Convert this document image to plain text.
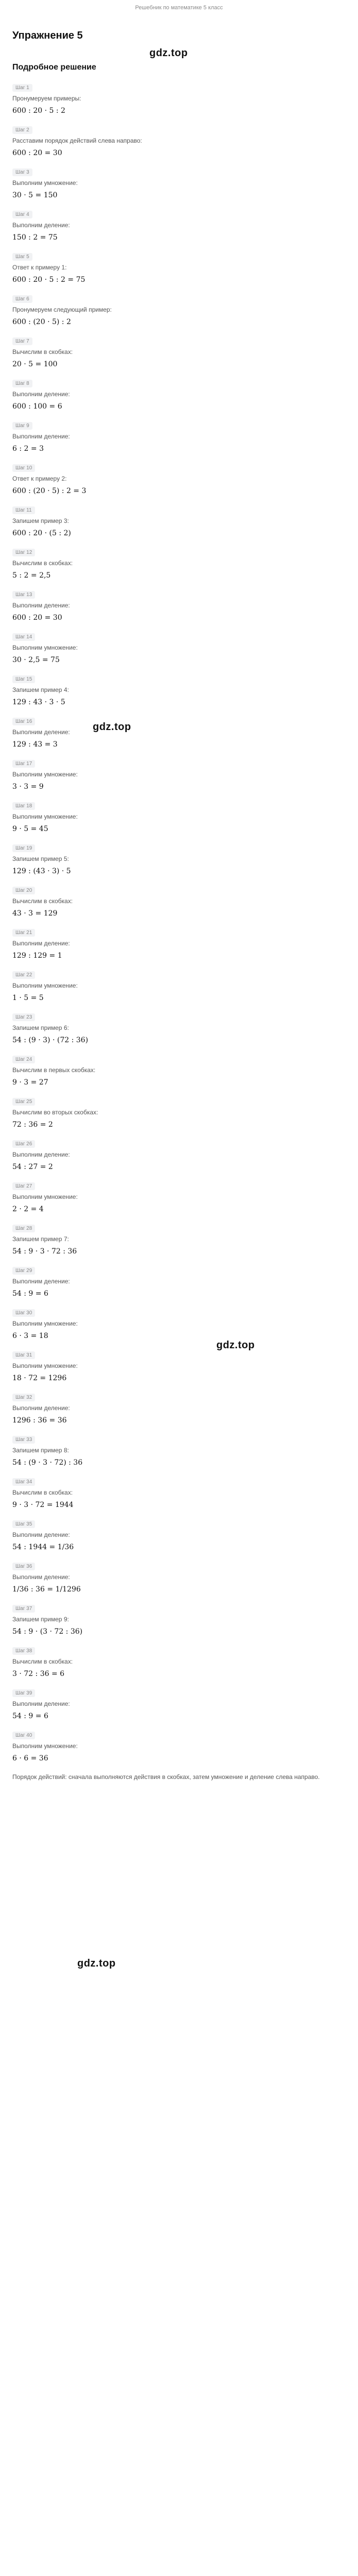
Решебник по математике 5 класс
Упражнение 5
Подробное решение
gdz.top
Шаг 1
Пронумеруем примеры:
600 : 20 · 5 : 2
Шаг 2
Расставим порядок действий слева направо:
600 : 20 = 30
Шаг 3
Выполним умножение:
30 · 5 = 150
Шаг 4
Выполним деление:
150 : 2 = 75
Шаг 5
Ответ к примеру 1:
600 : 20 · 5 : 2 = 75
Шаг 6
Пронумеруем следующий пример:
600 : (20 · 5) : 2
Шаг 7
Вычислим в скобках:
20 · 5 = 100
Шаг 8
Выполним деление:
600 : 100 = 6
Шаг 9
Выполним деление:
6 : 2 = 3
Шаг 10
Ответ к примеру 2:
600 : (20 · 5) : 2 = 3
Шаг 11
Запишем пример 3:
600 : 20 · (5 : 2)
Шаг 12
Вычислим в скобках:
5 : 2 = 2,5
Шаг 13
Выполним деление:
600 : 20 = 30
Шаг 14
Выполним умножение:
30 · 2,5 = 75
Шаг 15
Запишем пример 4:
129 : 43 · 3 · 5
Шаг 16
Выполним деление:
129 : 43 = 3
Шаг 17
Выполним умножение:
3 · 3 = 9
Шаг 18
Выполним умножение:
9 · 5 = 45
Шаг 19
Запишем пример 5:
129 : (43 · 3) · 5
Шаг 20
Вычислим в скобках:
43 · 3 = 129
Шаг 21
Выполним деление:
129 : 129 = 1
Шаг 22
Выполним умножение:
1 · 5 = 5
Шаг 23
Запишем пример 6:
54 : (9 · 3) · (72 : 36)
Шаг 24
Вычислим в первых скобках:
9 · 3 = 27
Шаг 25
Вычислим во вторых скобках:
72 : 36 = 2
Шаг 26
Выполним деление:
54 : 27 = 2
Шаг 27
Выполним умножение:
2 · 2 = 4
Шаг 28
Запишем пример 7:
54 : 9 · 3 · 72 : 36
Шаг 29
Выполним деление:
54 : 9 = 6
Шаг 30
Выполним умножение:
6 · 3 = 18
Шаг 31
Выполним умножение:
18 · 72 = 1296
Шаг 32
Выполним деление:
1296 : 36 = 36
Шаг 33
Запишем пример 8:
54 : (9 · 3 · 72) : 36
Шаг 34
Вычислим в скобках:
9 · 3 · 72 = 1944
Шаг 35
Выполним деление:
54 : 1944 = 1/36
Шаг 36
Выполним деление:
1/36 : 36 = 1/1296
Шаг 37
Запишем пример 9:
54 : 9 · (3 · 72 : 36)
Шаг 38
Вычислим в скобках:
3 · 72 : 36 = 6
Шаг 39
Выполним деление:
54 : 9 = 6
Шаг 40
Выполним умножение:
6 · 6 = 36
Порядок действий: сначала выполняются действия в скобках, затем умножение и деление слева направо.
gdz.top
gdz.top
gdz.top
